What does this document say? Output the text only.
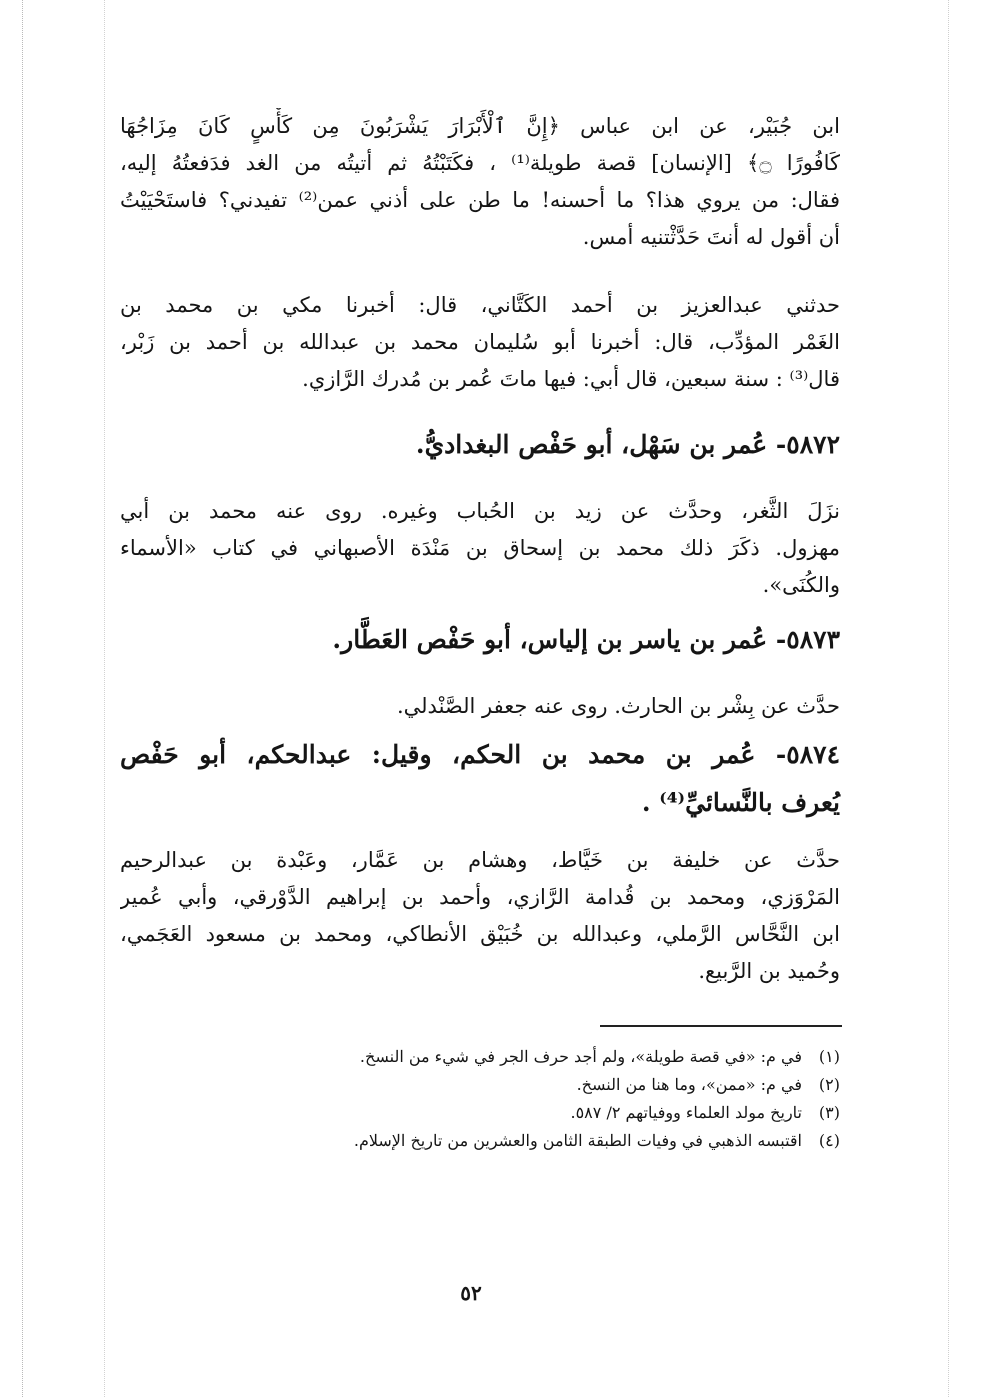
ابن جُبَيْر، عن ابن عباس ﴿إِنَّ ٱلْأَبْرَارَ يَشْرَبُونَ مِن كَأْسٍ كَانَ مِزَاجُهَا
كَافُورًا ۝﴾ [الإنسان] قصة طويلة⁽¹⁾ ، فكَتَبْتُهُ ثم أتيتُه من الغد فدَفعتُهُ إليه،
فقال: من يروي هذا؟ ما أحسنه! ما طن على أذني عمن⁽²⁾ تفيدني؟ فاستَحْيَيْتُ
أن أقول له أنتَ حَدَّثْتنيه أمس.
حدثني عبدالعزيز بن أحمد الكَتَّاني، قال: أخبرنا مكي بن محمد بن
الغَمْر المؤدِّب، قال: أخبرنا أبو سُليمان محمد بن عبدالله بن أحمد بن زَبْر،
قال⁽³⁾ : سنة سبعين، قال أبي: فيها ماتَ عُمر بن مُدرك الرَّازي.
٥٨٧٢- عُمر بن سَهْل، أبو حَفْص البغداديُّ.
نزَلَ الثَّغر، وحدَّث عن زيد بن الحُباب وغيره. روى عنه محمد بن أبي
مهزول. ذكَرَ ذلك محمد بن إسحاق بن مَنْدَة الأصبهاني في كتاب «الأسماء
والكُنَى».
٥٨٧٣- عُمر بن ياسر بن إلياس، أبو حَفْص العَطَّار.
حدَّث عن بِشْر بن الحارث. روى عنه جعفر الصَّنْدلي.
٥٨٧٤- عُمر بن محمد بن الحكم، وقيل: عبدالحكم، أبو حَفْص
يُعرف بالنَّسائيِّ⁽⁴⁾ .
حدَّث عن خليفة بن خَيَّاط، وهشام بن عَمَّار، وعَبْدة بن عبدالرحيم
المَرْوَزي، ومحمد بن قُدامة الرَّازي، وأحمد بن إبراهيم الدَّوْرقي، وأبي عُمير
ابن النَّحَّاس الرَّملي، وعبدالله بن خُبَيْق الأنطاكي، ومحمد بن مسعود العَجَمي،
وحُميد بن الرَّبيع.
(١)في م: «في قصة طويلة»، ولم أجد حرف الجر في شيء من النسخ.
(٢)في م: «ممن»، وما هنا من النسخ.
(٣)تاريخ مولد العلماء ووفياتهم ٢/ ٥٨٧.
(٤)اقتبسه الذهبي في وفيات الطبقة الثامن والعشرين من تاريخ الإسلام.
٥٢
